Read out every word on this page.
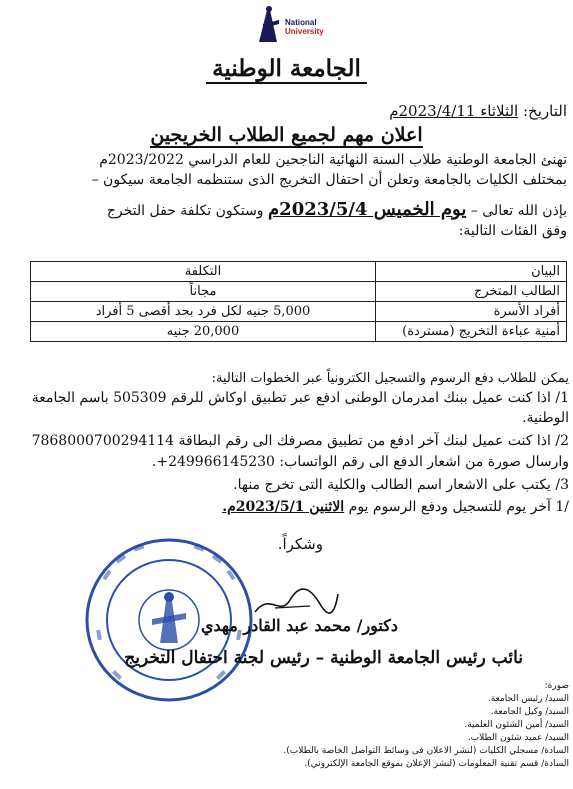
National
University
الجامعة الوطنية
التاريخ: الثلاثاء 2023/4/11م
اعلان مهم لجميع الطلاب الخريجين
تهنئ الجامعة الوطنية طلاب السنة النهائية الناجحين للعام الدراسي 2023/2022م
بمختلف الكليات بالجامعة وتعلن أن احتفال التخريج الذى ستنظمه الجامعة سيكون –
بإذن الله تعالى – يوم الخميس 2023/5/4م وستكون تكلفة حفل التخرج
وفق الفئات التالية:
البيان	التكلفة
الطالب المتخرج	مجاناً
أفراد الأسرة	5,000 جنيه لكل فرد بحد أقصى 5 أفراد
أمنية عباءة التخريج (مستردة)	20,000 جنيه
يمكن للطلاب دفع الرسوم والتسجيل الكترونياً عبر الخطوات التالية:
1/ اذا كنت عميل ببنك امدرمان الوطنى ادفع عبر تطبيق اوكاش للرقم 505309 باسم الجامعة
الوطنية.
2/ اذا كنت عميل لبنك آخر ادفع من تطبيق مصرفك الى رقم البطاقة 7868000700294114
وارسال صورة من اشعار الدفع الى رقم الواتساب: 249966145230+.
3/ يكتب على الاشعار اسم الطالب والكلية التى تخرج منها.
/1 آخر يوم للتسجيل ودفع الرسوم يوم الاثنين 2023/5/1م.
وشكراً.
دكتور/ محمد عبد القادر مهدي
نائب رئيس الجامعة الوطنية – رئيس لجنة احتفال التخريج
صورة:
السيد/ رئيس الجامعة.
السيد/ وكيل الجامعة.
السيد/ أمين الشئون العلمية.
السيد/ عميد شئون الطلاب.
السادة/ مسجلي الكليات (لنشر الاعلان فى وسائط التواصل الخاصة بالطلاب).
السادة/ قسم تقنية المعلومات (لنشر الإعلان بموقع الجامعة الإلكتروني).
